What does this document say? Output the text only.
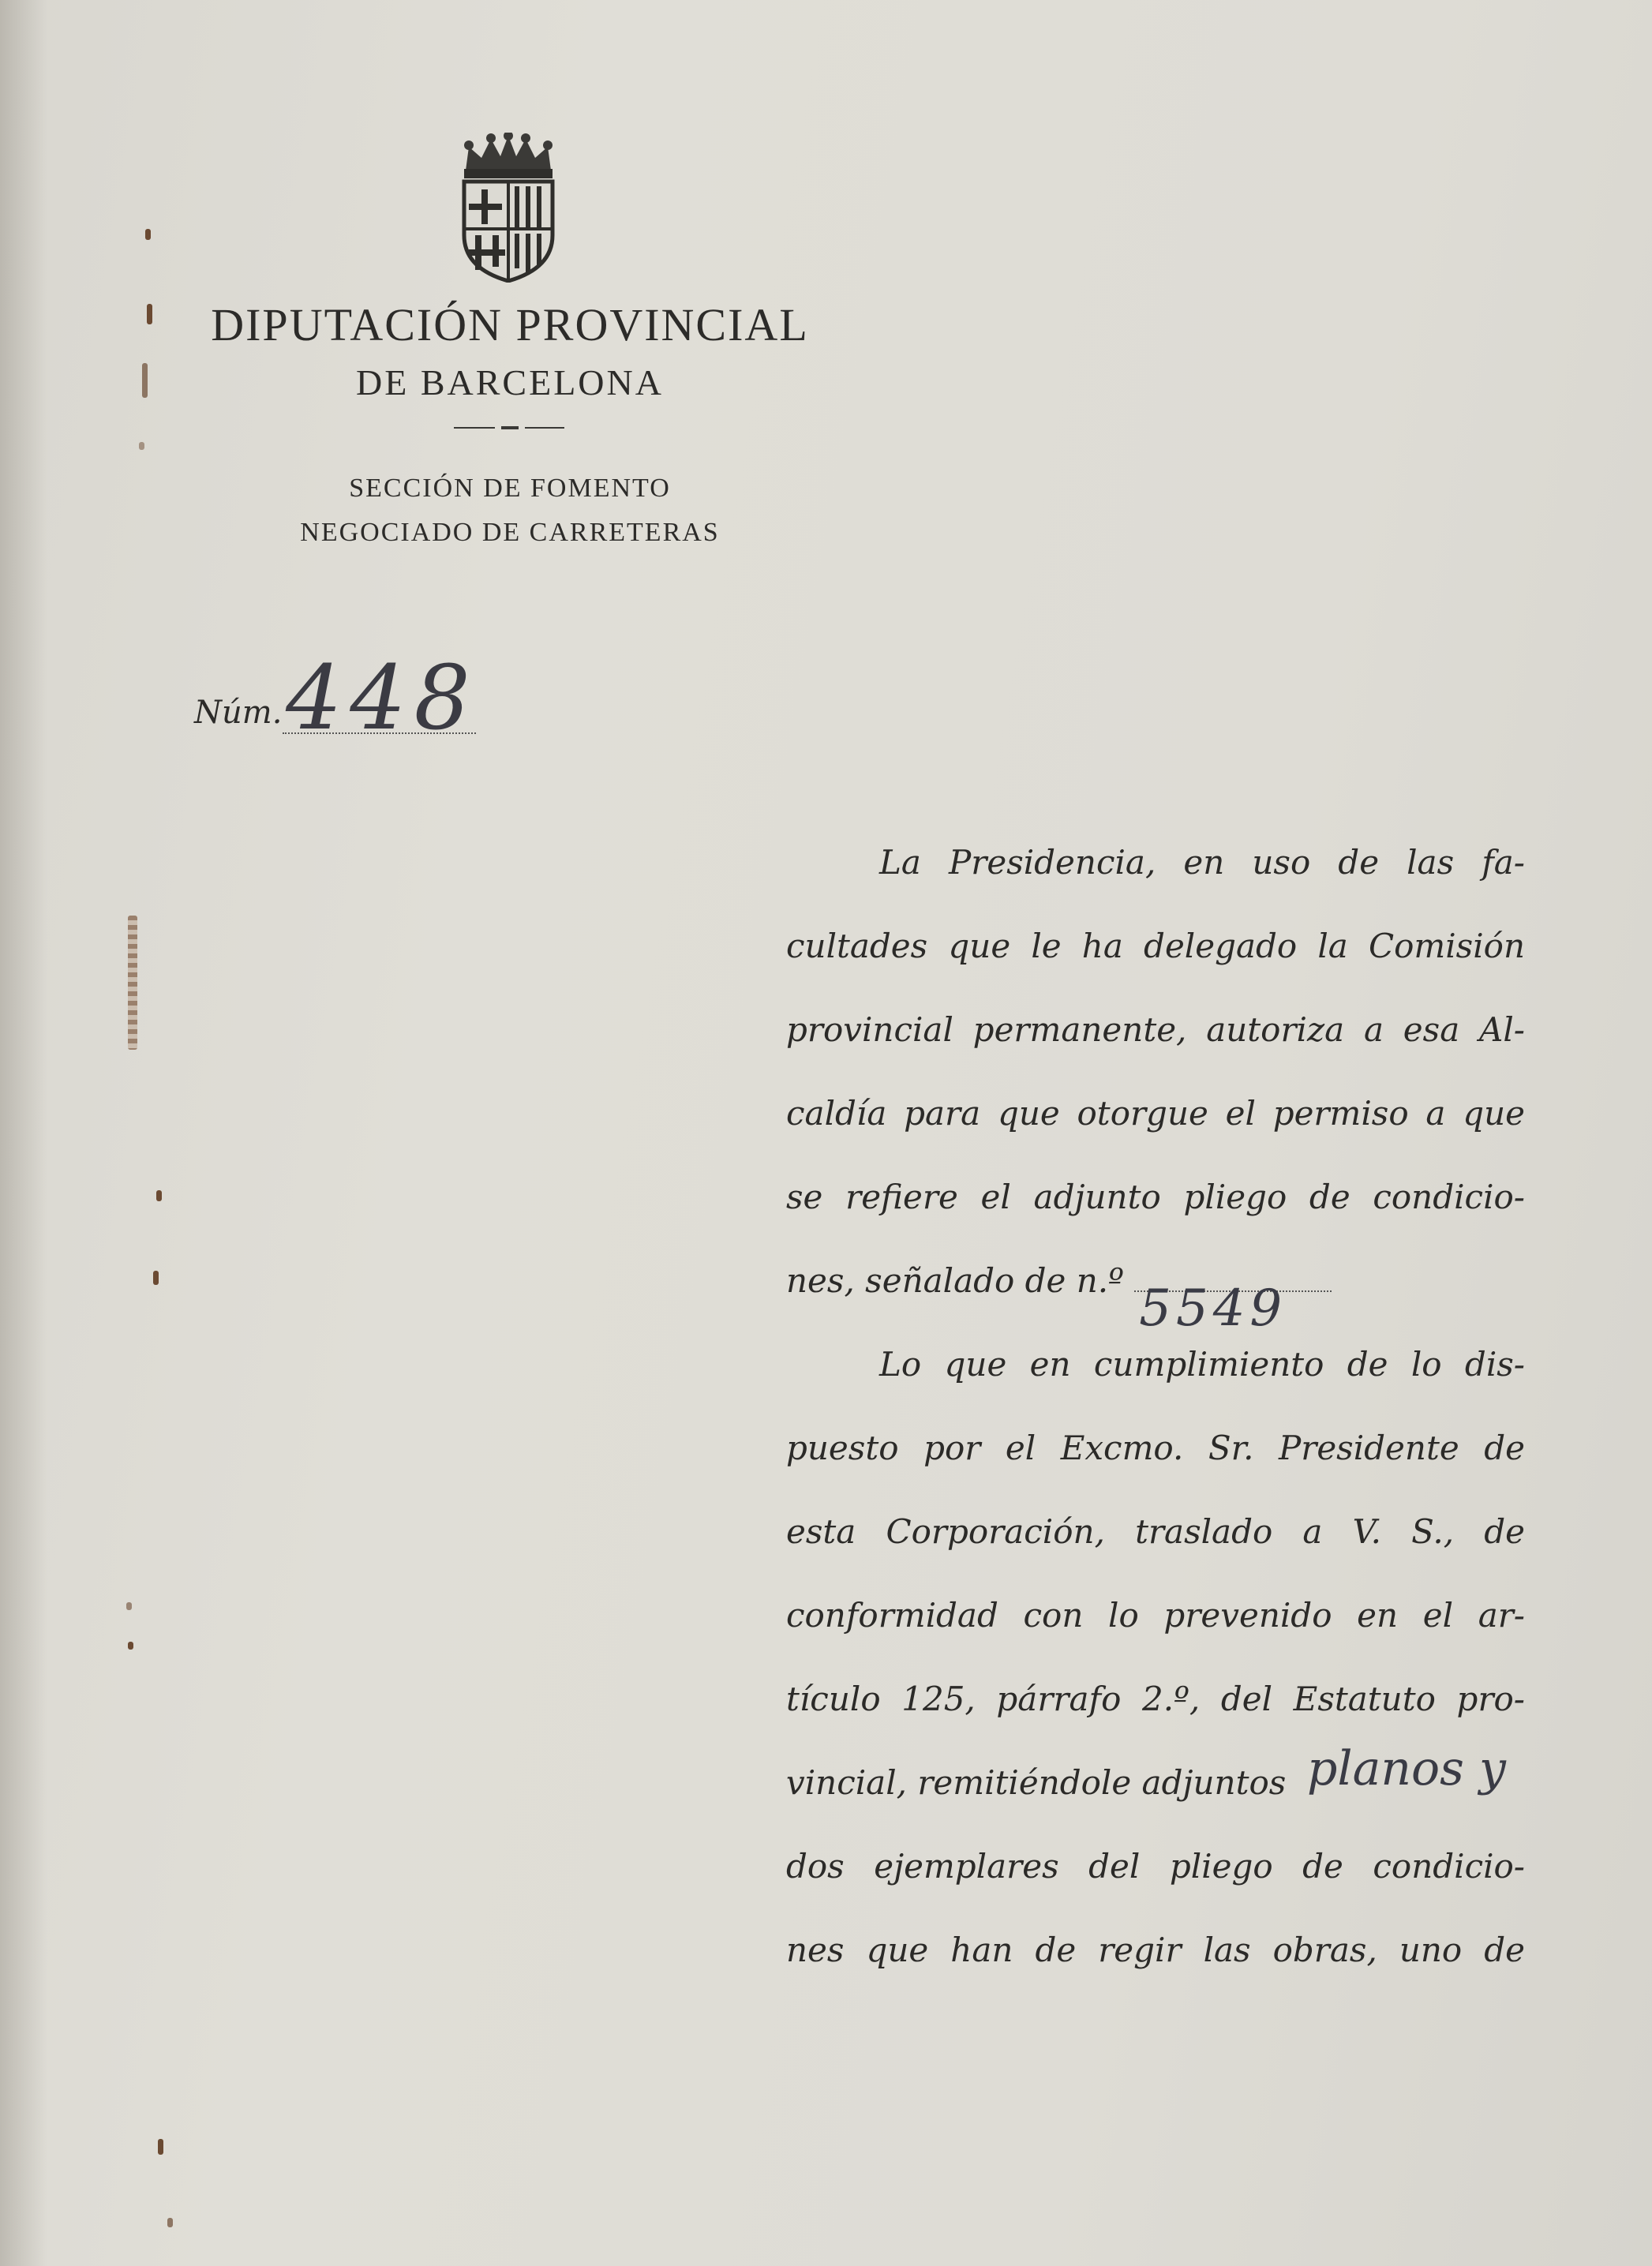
DIPUTACIÓN PROVINCIAL
DE BARCELONA
SECCIÓN DE FOMENTO
NEGOCIADO DE CARRETERAS
Núm. 448

La Presidencia, en uso de las fa-
cultades que le ha delegado la Comisión
provincial permanente, autoriza a esa Al-
caldía para que otorgue el permiso a que
se refiere el adjunto pliego de condicio-

nes, señalado de n.º 5549

Lo que en cumplimiento de lo dis-
puesto por el Excmo. Sr. Presidente de
esta Corporación, traslado a V. S., de
conformidad con lo prevenido en el ar-
tículo 125, párrafo 2.º, del Estatuto pro-

vincial, remitiéndole adjuntos planos y

dos ejemplares del pliego de condicio-
nes que han de regir las obras, uno de
